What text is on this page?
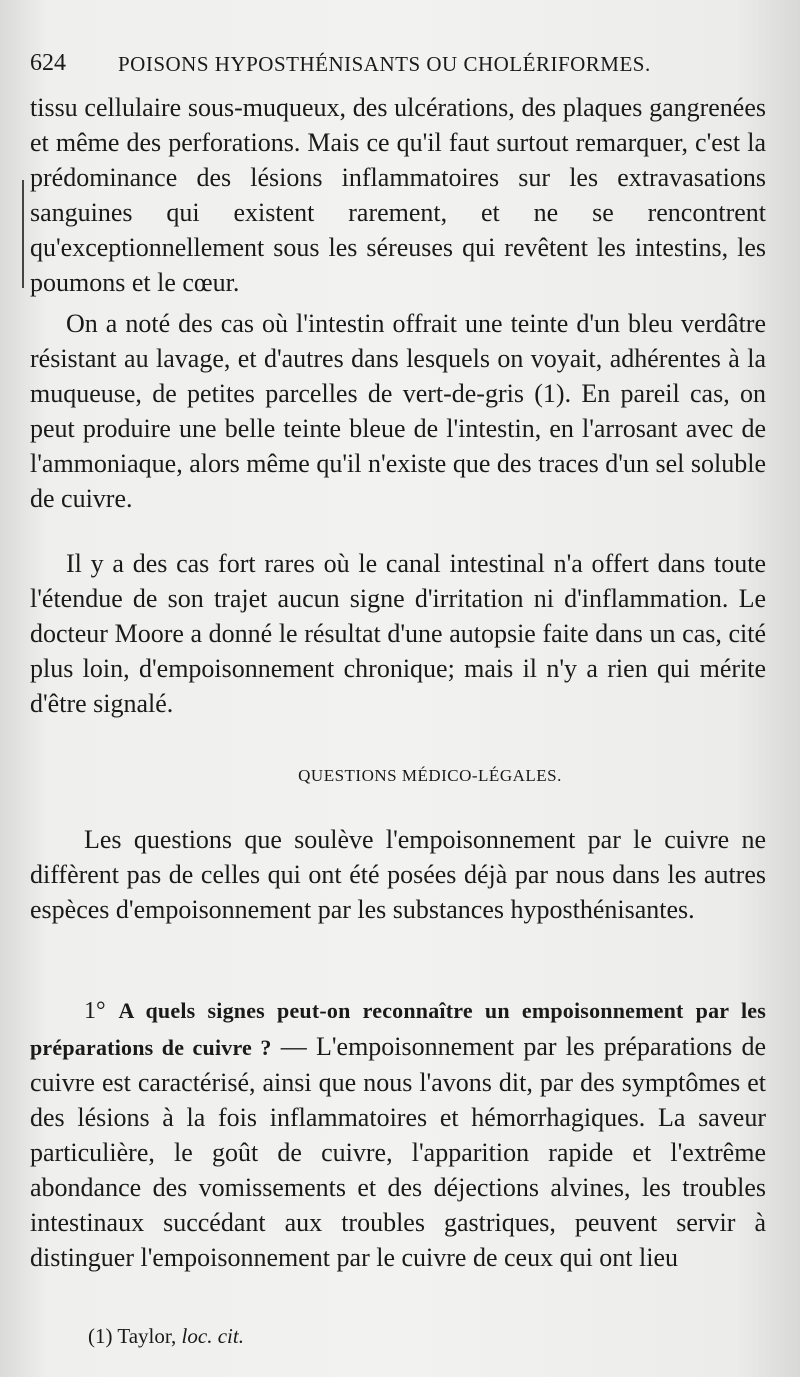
624 POISONS HYPOSTHÉNISANTS OU CHOLÉRIFORMES.
tissu cellulaire sous-muqueux, des ulcérations, des plaques gangrenées et même des perforations. Mais ce qu'il faut surtout remarquer, c'est la prédominance des lésions inflammatoires sur les extravasations sanguines qui existent rarement, et ne se rencontrent qu'exceptionnellement sous les séreuses qui revêtent les intestins, les poumons et le cœur.
On a noté des cas où l'intestin offrait une teinte d'un bleu verdâtre résistant au lavage, et d'autres dans lesquels on voyait, adhérentes à la muqueuse, de petites parcelles de vert-de-gris (1). En pareil cas, on peut produire une belle teinte bleue de l'intestin, en l'arrosant avec de l'ammoniaque, alors même qu'il n'existe que des traces d'un sel soluble de cuivre.
Il y a des cas fort rares où le canal intestinal n'a offert dans toute l'étendue de son trajet aucun signe d'irritation ni d'inflammation. Le docteur Moore a donné le résultat d'une autopsie faite dans un cas, cité plus loin, d'empoisonnement chronique; mais il n'y a rien qui mérite d'être signalé.
QUESTIONS MÉDICO-LÉGALES.
Les questions que soulève l'empoisonnement par le cuivre ne diffèrent pas de celles qui ont été posées déjà par nous dans les autres espèces d'empoisonnement par les substances hyposthénisantes.
1° A quels signes peut-on reconnaître un empoisonnement par les préparations de cuivre ? — L'empoisonnement par les préparations de cuivre est caractérisé, ainsi que nous l'avons dit, par des symptômes et des lésions à la fois inflammatoires et hémorrhagiques. La saveur particulière, le goût de cuivre, l'apparition rapide et l'extrême abondance des vomissements et des déjections alvines, les troubles intestinaux succédant aux troubles gastriques, peuvent servir à distinguer l'empoisonnement par le cuivre de ceux qui ont lieu
(1) Taylor, loc. cit.
